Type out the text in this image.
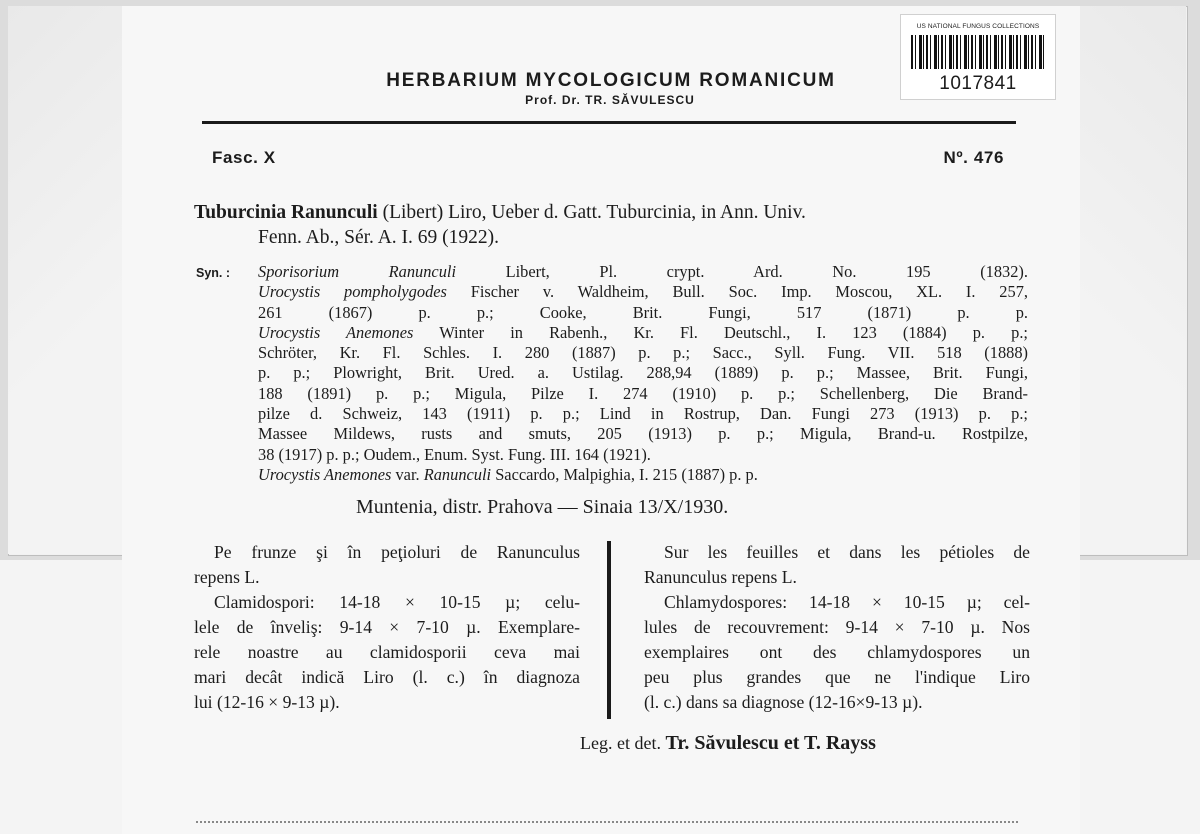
US NATIONAL FUNGUS COLLECTIONS
1017841
HERBARIUM MYCOLOGICUM ROMANICUM
Prof. Dr. TR. SĂVULESCU
Fasc. X	Nº. 476
Tuburcinia Ranunculi (Libert) Liro, Ueber d. Gatt. Tuburcinia, in Ann. Univ.
Fenn. Ab., Sér. A. I. 69 (1922).
Syn. : Sporisorium Ranunculi Libert, Pl. crypt. Ard. No. 195 (1832).
Urocystis pompholygodes Fischer v. Waldheim, Bull. Soc. Imp. Moscou, XL. I. 257,
261 (1867) p. p.; Cooke, Brit. Fungi, 517 (1871) p. p.
Urocystis Anemones Winter in Rabenh., Kr. Fl. Deutschl., I. 123 (1884) p. p.;
Schröter, Kr. Fl. Schles. I. 280 (1887) p. p.; Sacc., Syll. Fung. VII. 518 (1888)
p. p.; Plowright, Brit. Ured. a. Ustilag. 288,94 (1889) p. p.; Massee, Brit. Fungi,
188 (1891) p. p.; Migula, Pilze I. 274 (1910) p. p.; Schellenberg, Die Brand-
pilze d. Schweiz, 143 (1911) p. p.; Lind in Rostrup, Dan. Fungi 273 (1913) p. p.;
Massee Mildews, rusts and smuts, 205 (1913) p. p.; Migula, Brand-u. Rostpilze,
38 (1917) p. p.; Oudem., Enum. Syst. Fung. III. 164 (1921).
Urocystis Anemones var. Ranunculi Saccardo, Malpighia, I. 215 (1887) p. p.
Muntenia, distr. Prahova — Sinaia 13/X/1930.
Pe frunze şi în peţioluri de Ranunculus
repens L.
Clamidospori: 14-18 × 10-15 µ; celu-
lele de înveliş: 9-14 × 7-10 µ. Exemplare-
rele noastre au clamidosporii ceva mai
mari decât indică Liro (l. c.) în diagnoza
lui (12-16 × 9-13 µ).
Sur les feuilles et dans les pétioles de
Ranunculus repens L.
Chlamydospores: 14-18 × 10-15 µ; cel-
lules de recouvrement: 9-14 × 7-10 µ. Nos
exemplaires ont des chlamydospores un
peu plus grandes que ne l'indique Liro
(l. c.) dans sa diagnose (12-16×9-13 µ).
Leg. et det. Tr. Săvulescu et T. Rayss
